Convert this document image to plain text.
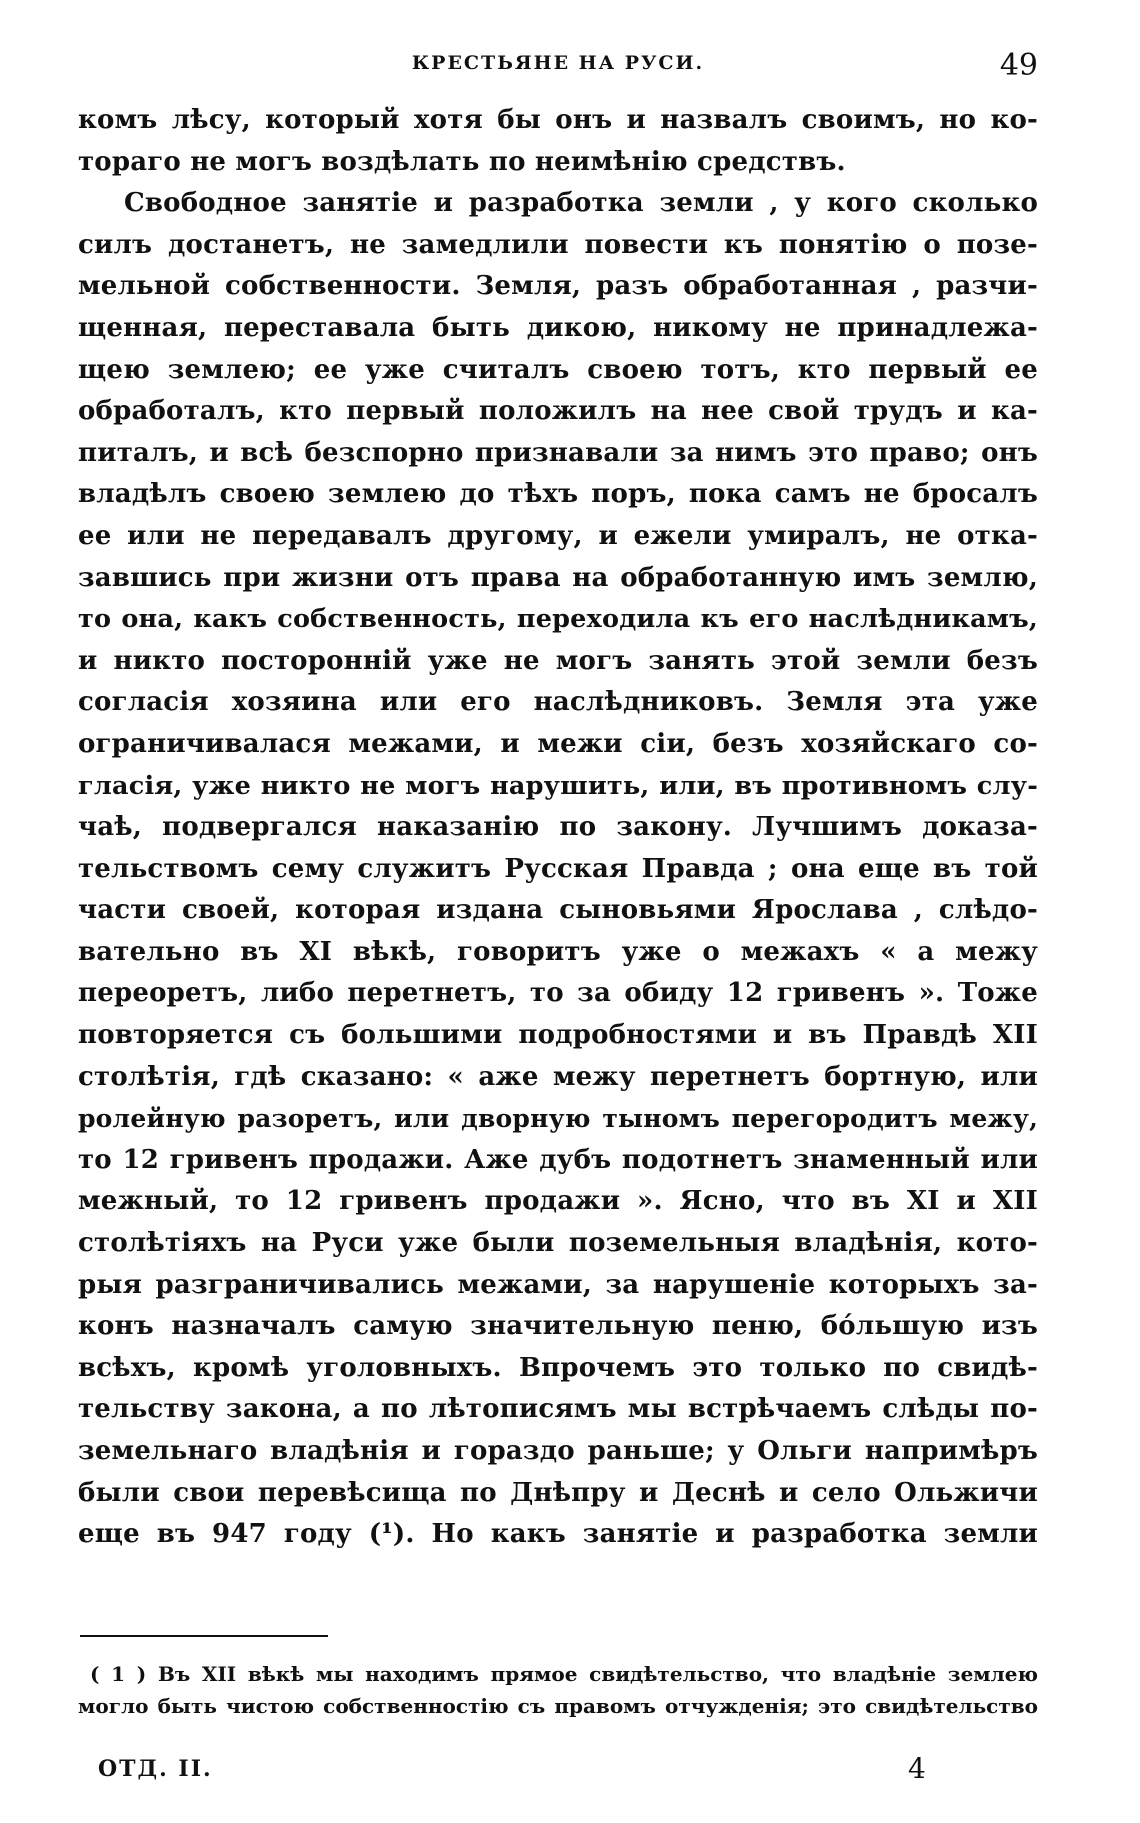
КРЕСТЬЯНЕ НА РУСИ.	49
комъ лѣсу, который хотя бы онъ и назвалъ своимъ, но ко-
тораго не могъ воздѣлать по неимѣнію средствъ.
Свободное занятіе и разработка земли , у кого сколько
силъ достанетъ, не замедлили повести къ понятію о позе-
мельной собственности. Земля, разъ обработанная , разчи-
щенная, переставала быть дикою, никому не принадлежа-
щею землею; ее уже считалъ своею тотъ, кто первый ее
обработалъ, кто первый положилъ на нее свой трудъ и ка-
питалъ, и всѣ безспорно признавали за нимъ это право; онъ
владѣлъ своею землею до тѣхъ поръ, пока самъ не бросалъ
ее или не передавалъ другому, и ежели умиралъ, не отка-
завшись при жизни отъ права на обработанную имъ землю,
то она, какъ собственность, переходила къ его наслѣдникамъ,
и никто посторонній уже не могъ занять этой земли безъ
согласія хозяина или его наслѣдниковъ. Земля эта уже
ограничивалася межами, и межи сіи, безъ хозяйскаго со-
гласія, уже никто не могъ нарушить, или, въ противномъ слу-
чаѣ, подвергался наказанію по закону. Лучшимъ доказа-
тельствомъ сему служитъ Русская Правда ; она еще въ той
части своей, которая издана сыновьями Ярослава , слѣдо-
вательно въ XI вѣкѣ, говоритъ уже о межахъ « а межу
переоретъ, либо перетнетъ, то за обиду 12 гривенъ ». Тоже
повторяется съ большими подробностями и въ Правдѣ XII
столѣтія, гдѣ сказано: « аже межу перетнетъ бортную, или
ролейную разоретъ, или дворную тыномъ перегородитъ межу,
то 12 гривенъ продажи. Аже дубъ подотнетъ знаменный или
межный, то 12 гривенъ продажи ». Ясно, что въ XI и XII
столѣтіяхъ на Руси уже были поземельныя владѣнія, кото-
рыя разграничивались межами, за нарушеніе которыхъ за-
конъ назначалъ самую значительную пеню, бóльшую изъ
всѣхъ, кромѣ уголовныхъ. Впрочемъ это только по свидѣ-
тельству закона, а по лѣтописямъ мы встрѣчаемъ слѣды по-
земельнаго владѣнія и гораздо раньше; у Ольги напримѣръ
были свои перевѣсища по Днѣпру и Деснѣ и село Ольжичи
еще въ 947 году (¹). Но какъ занятіе и разработка земли
( 1 ) Въ XII вѣкѣ мы находимъ прямое свидѣтельство, что владѣніе землею
могло быть чистою собственностію съ правомъ отчужденія; это свидѣтельство
ОТД. II.	4
